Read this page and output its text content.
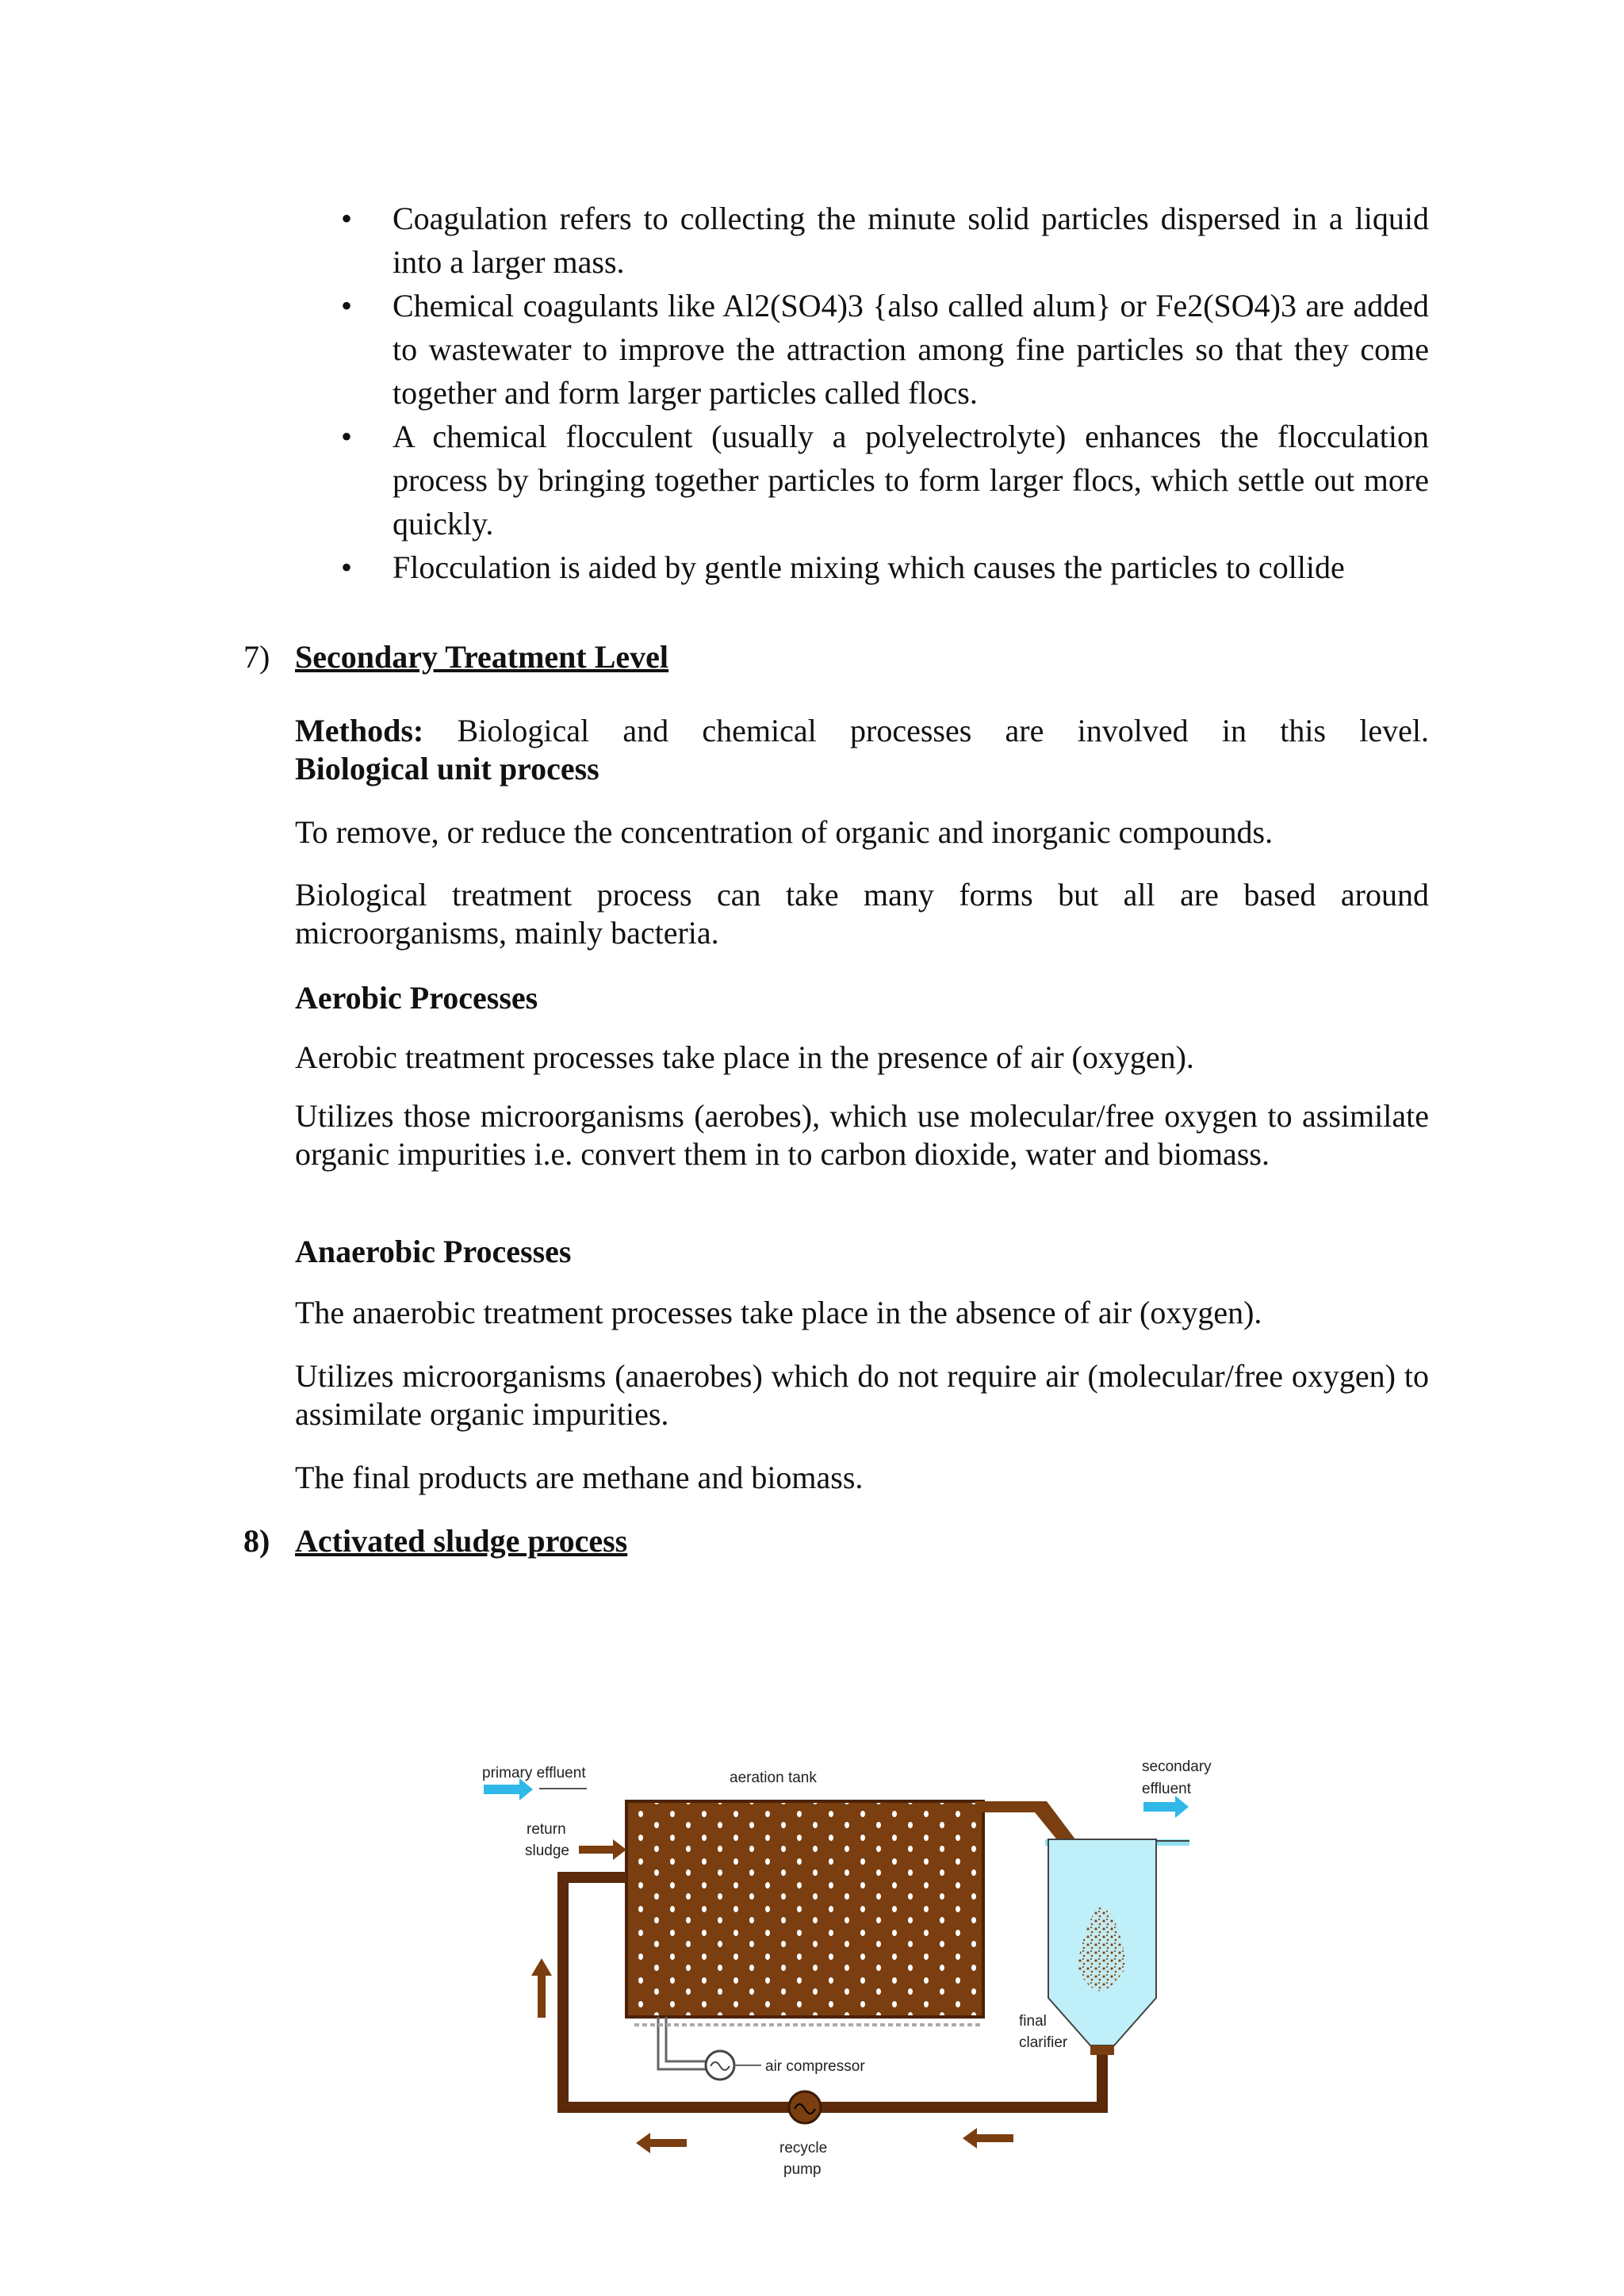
• Coagulation refers to collecting the minute solid particles dispersed in a liquid into a larger mass.
• Chemical coagulants like Al2(SO4)3 {also called alum} or Fe2(SO4)3 are added
to wastewater to improve the attraction among fine particles so that they come together and form larger particles called flocs.
• A chemical flocculent (usually a polyelectrolyte) enhances the flocculation process by bringing together particles to form larger flocs, which settle out more quickly.
• Flocculation is aided by gentle mixing which causes the particles to collide
7) Secondary Treatment Level
Methods: Biological and chemical processes are involved in this level.
Biological unit process
To remove, or reduce the concentration of organic and inorganic compounds.
Biological treatment process can take many forms but all are based around microorganisms, mainly bacteria.
Aerobic Processes
Aerobic treatment processes take place in the presence of air (oxygen).
Utilizes those microorganisms (aerobes), which use molecular/free oxygen to assimilate organic impurities i.e. convert them in to carbon dioxide, water and biomass.
Anaerobic Processes
The anaerobic treatment processes take place in the absence of air (oxygen).
Utilizes microorganisms (anaerobes) which do not require air (molecular/free oxygen) to assimilate organic impurities.
The final products are methane and biomass.
8) Activated sludge process
primary effluent	aeration tank
secondary
effluent
return
sludge
air compressor
recycle
pump
final
clarifier
